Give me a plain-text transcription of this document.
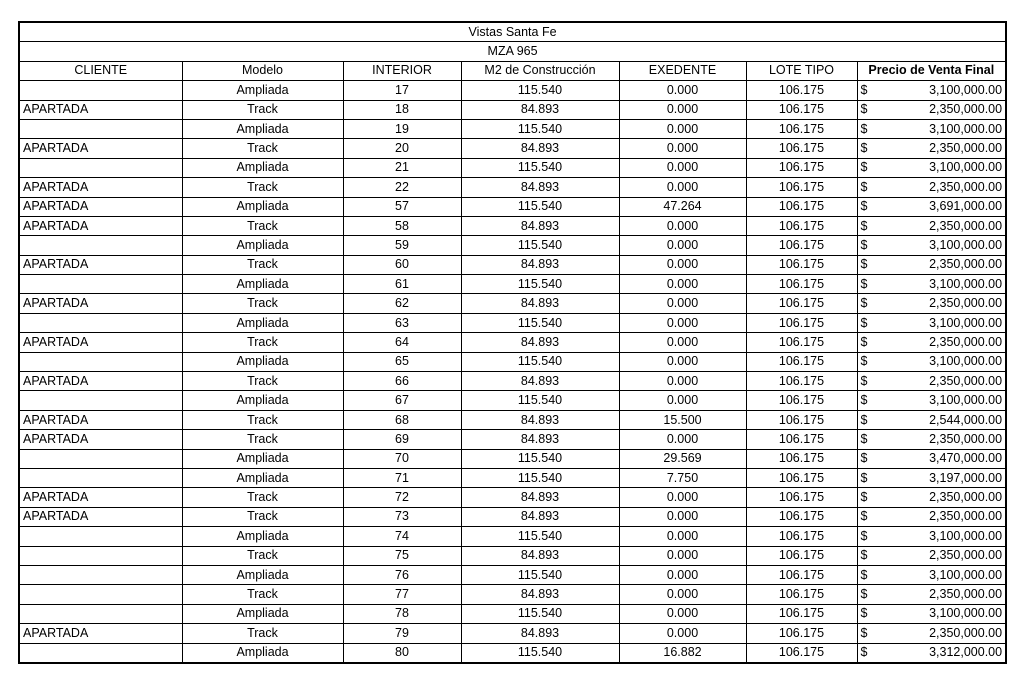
Vistas Santa Fe						
MZA 965						
CLIENTE	Modelo	INTERIOR	M2 de Construcción	EXEDENTE	LOTE TIPO	Precio de Venta Final
	Ampliada	17	115.540	0.000	106.175	$ 3,100,000.00

APARTADA	Track	18	84.893	0.000	106.175	$ 2,350,000.00

	Ampliada	19	115.540	0.000	106.175	$ 3,100,000.00

APARTADA	Track	20	84.893	0.000	106.175	$ 2,350,000.00

	Ampliada	21	115.540	0.000	106.175	$ 3,100,000.00

APARTADA	Track	22	84.893	0.000	106.175	$ 2,350,000.00

APARTADA	Ampliada	57	115.540	47.264	106.175	$ 3,691,000.00

APARTADA	Track	58	84.893	0.000	106.175	$ 2,350,000.00

	Ampliada	59	115.540	0.000	106.175	$ 3,100,000.00

APARTADA	Track	60	84.893	0.000	106.175	$ 2,350,000.00

	Ampliada	61	115.540	0.000	106.175	$ 3,100,000.00

APARTADA	Track	62	84.893	0.000	106.175	$ 2,350,000.00

	Ampliada	63	115.540	0.000	106.175	$ 3,100,000.00

APARTADA	Track	64	84.893	0.000	106.175	$ 2,350,000.00

	Ampliada	65	115.540	0.000	106.175	$ 3,100,000.00

APARTADA	Track	66	84.893	0.000	106.175	$ 2,350,000.00

	Ampliada	67	115.540	0.000	106.175	$ 3,100,000.00

APARTADA	Track	68	84.893	15.500	106.175	$ 2,544,000.00

APARTADA	Track	69	84.893	0.000	106.175	$ 2,350,000.00

	Ampliada	70	115.540	29.569	106.175	$ 3,470,000.00

	Ampliada	71	115.540	7.750	106.175	$ 3,197,000.00

APARTADA	Track	72	84.893	0.000	106.175	$ 2,350,000.00

APARTADA	Track	73	84.893	0.000	106.175	$ 2,350,000.00

	Ampliada	74	115.540	0.000	106.175	$ 3,100,000.00

	Track	75	84.893	0.000	106.175	$ 2,350,000.00

	Ampliada	76	115.540	0.000	106.175	$ 3,100,000.00

	Track	77	84.893	0.000	106.175	$ 2,350,000.00

	Ampliada	78	115.540	0.000	106.175	$ 3,100,000.00

APARTADA	Track	79	84.893	0.000	106.175	$ 2,350,000.00

	Ampliada	80	115.540	16.882	106.175	$ 3,312,000.00
